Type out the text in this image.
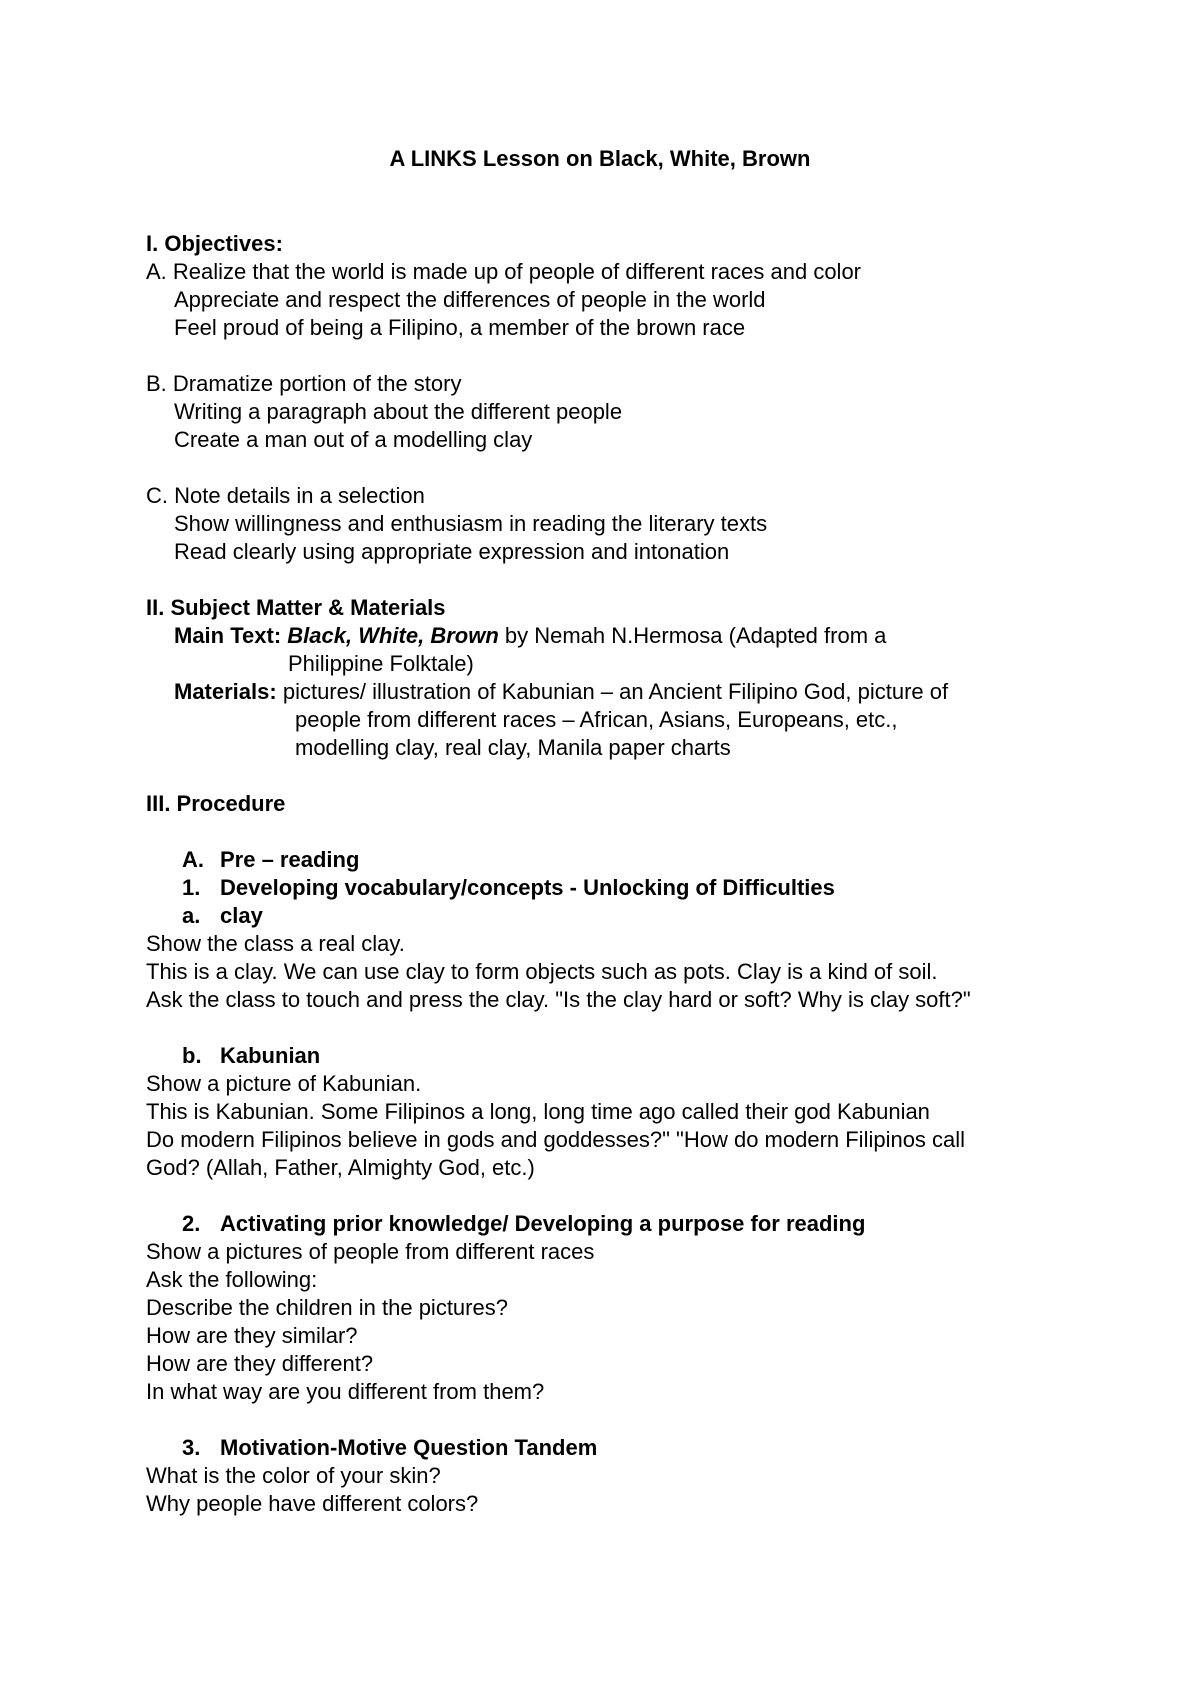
A LINKS Lesson on Black, White, Brown
I. Objectives:
A. Realize that the world is made up of people of different races and color
Appreciate and respect the differences of people in the world
Feel proud of being a Filipino, a member of the brown race
B. Dramatize portion of the story
Writing a paragraph about the different people
Create a man out of a modelling clay
C. Note details in a selection
Show willingness and enthusiasm in reading the literary texts
Read clearly using appropriate expression and intonation
II. Subject Matter & Materials
Main Text: Black, White, Brown by Nemah N.Hermosa (Adapted from a
Philippine Folktale)
Materials: pictures/ illustration of Kabunian – an Ancient Filipino God, picture of
people from different races – African, Asians, Europeans, etc.,
modelling clay, real clay, Manila paper charts
III. Procedure
A. Pre – reading
1. Developing vocabulary/concepts - Unlocking of Difficulties
a. clay
Show the class a real clay.
This is a clay. We can use clay to form objects such as pots. Clay is a kind of soil.
Ask the class to touch and press the clay. "Is the clay hard or soft? Why is clay soft?"
b. Kabunian
Show a picture of Kabunian.
This is Kabunian. Some Filipinos a long, long time ago called their god Kabunian
Do modern Filipinos believe in gods and goddesses?" "How do modern Filipinos call
God? (Allah, Father, Almighty God, etc.)
2. Activating prior knowledge/ Developing a purpose for reading
Show a pictures of people from different races
Ask the following:
Describe the children in the pictures?
How are they similar?
How are they different?
In what way are you different from them?
3. Motivation-Motive Question Tandem
What is the color of your skin?
Why people have different colors?
